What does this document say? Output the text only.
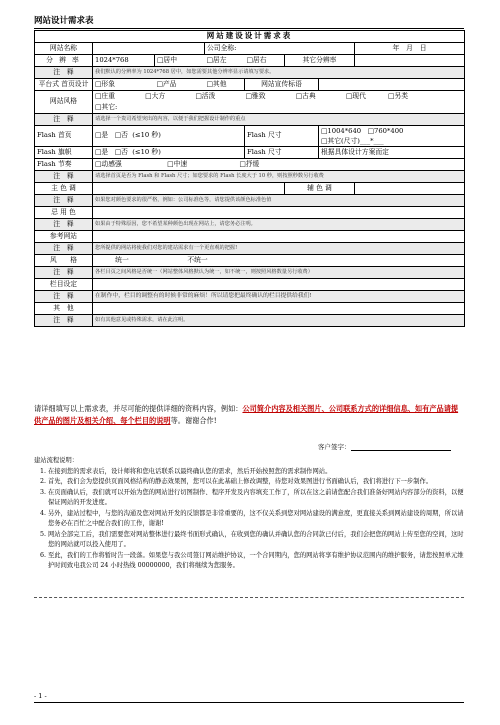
网站设计需求表
网站建设设计需求表							
网站名称			公司全称:				年　月　日
分 辨 率	1024*768	□居中	□居左	□居右	其它分辨率		
注　释	我们默认的分辨率为 1024*768 居中，如您需要其他分辨率显示请填写要求。						
平台式 首页设计	□形象	□产品	□其他	网站宣传标语			
网站风格	□庄重 □大方 □活泼 □雅致 □古典 □现代 □另类
□其它:						
注　释	请选择一个贵司希望突出的内容，以便于我们把握设计制作的重点						
Flash 首页	□是 □否 (≤10 秒)			Flash 尺寸		□1004*640 □760*400
□其它(尺寸)___*___	
Flash 旗帜	□是 □否 (≤10 秒)			Flash 尺寸		根据具体设计方案而定	
Flash 节奏	□动感强 □中速 □抒缓						
注　释	请选择首页是否为 Flash 和 Flash 尺寸；如您要求的 Flash 长度大于 10 秒，则按照秒数另行收费						
主 色 调					辅 色 调		
注　释	如果您对颜色要求的很严格，例如：公司标准色等，请您提供该颜色标准色值						
忌 用 色							
注　释	如果由于特殊原因，您不希望某种颜色出现在网站上，请您务必注明。						
参考网站							
注　释	您所提供的网站将使我们对您的建站需求有一个更直观的把握!						
风　　格	统一 不统一						
注　释	各栏目页之间风格是否统一（网站整体风格默认为统一，如不统一，则按照风格数量另行收费）						
栏目设定							
注　释	在制作中，栏目的调整有的时候非常的麻烦！所以请您把最终确认的栏目提供给我们!						
其　他							
注　释	如有其他意见或特殊需求，请在此注明。						
请详细填写以上需求表，并尽可能的提供详细的资料内容，例如：公司简介内容及相关图片、公司联系方式的详细信息、如有产品请提供产品的图片及相关介绍、每个栏目的说明等。谢谢合作!
客户签字：
建站流程说明：
1. 在接到您的需求表后，设计师将和您电话联系以最终确认您的需求，然后开始按照您的需求制作网站。
2. 首先，我们会为您提供页面风格结构的静态效果图，您可以在此基础上修改调整，待您对效果图进行书面确认后，我们将进行下一步制作。
3. 在页面确认后，我们就可以开始为您的网站进行切图制作、程序开发及内容填充工作了，所以在这之前请您配合我们准备好网站内容部分的资料，以便保证网站的开发进度。
4. 另外，建站过程中，与您的沟通及您对网站开发的反馈都是非常重要的，这不仅关系到您对网站建设的满意度，更直接关系到网站建设的周期，所以请您务必在百忙之中配合我们的工作，谢谢!
5. 网站全部完工后，我们需要您对网站整体进行最终书面形式确认，在收到您的确认并确认您的合同款已付后，我们会把您的网站上传至您的空间，这时您的网站就可以投入使用了。
6. 至此，我们的工作将暂时告一段落。如果您与我公司签订网站维护协议，一个合同期内，您的网站将享有维护协议范围内的维护服务，请您按照单元维护时间致电我公司 24 小时热线 00000000，我们将继续为您服务。
- 1 -
